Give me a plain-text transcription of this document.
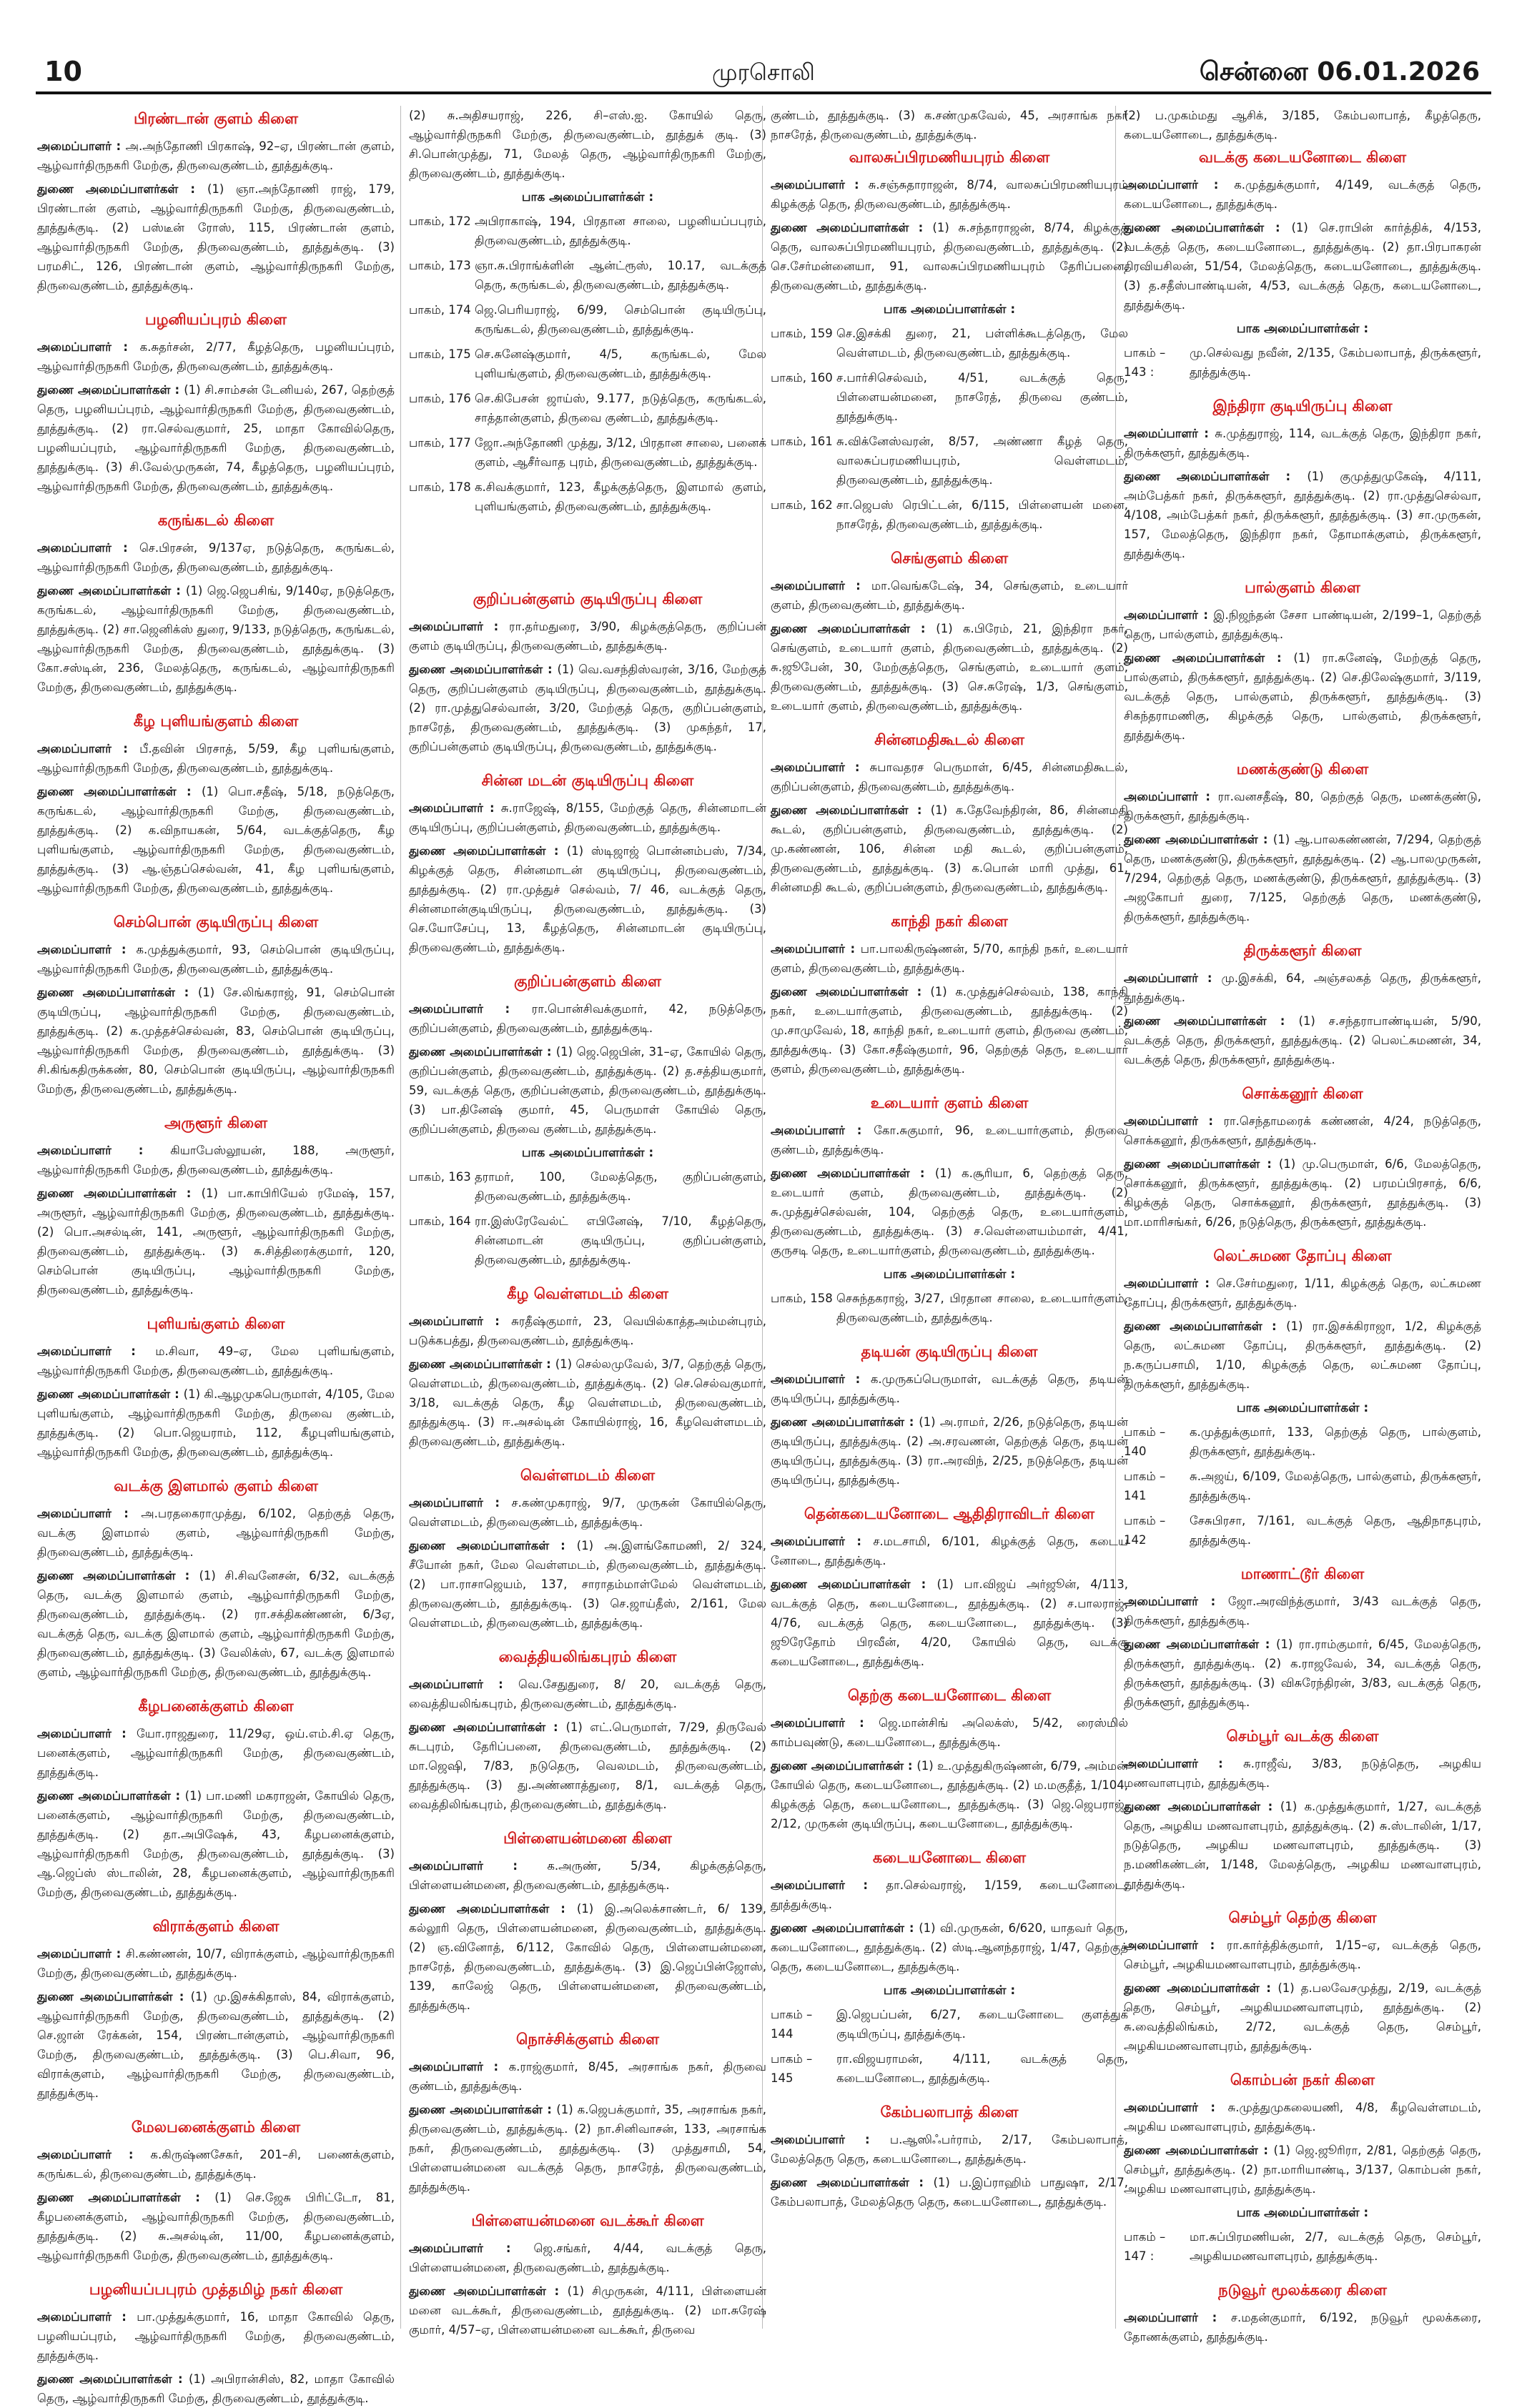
10	முரசொலி	சென்னை 06.01.2026
பிரண்டான் குளம் கிளை

அமைப்பாளர் : அ.அந்தோணி பிரகாஷ், 92–ஏ, பிரண்டான் குளம், ஆழ்வார்திருநகரி மேற்கு, திருவைகுண்டம், தூத்துக்குடி.

துணை அமைப்பாளர்கள் : (1) ஞா.அந்தோணி ராஜ், 179, பிரண்டான் குளம், ஆழ்வார்திருநகரி மேற்கு, திருவைகுண்டம், தூத்துக்குடி. (2) பஸ்டீன் ரோஸ், 115, பிரண்டான் குளம், ஆழ்வார்திருநகரி மேற்கு, திருவைகுண்டம், தூத்துக்குடி. (3) பரமசிட், 126, பிரண்டான் குளம், ஆழ்வார்திருநகரி மேற்கு, திருவைகுண்டம், தூத்துக்குடி.

பழனியப்புரம் கிளை

அமைப்பாளர் : க.சுதர்சன், 2/77, கீழத்தெரு, பழனியப்புரம், ஆழ்வார்திருநகரி மேற்கு, திருவைகுண்டம், தூத்துக்குடி.

துணை அமைப்பாளர்கள் : (1) சி.சாம்சன் டேனியல், 267, தெற்குத் தெரு, பழனியப்புரம், ஆழ்வார்திருநகரி மேற்கு, திருவைகுண்டம், தூத்துக்குடி. (2) ரா.செல்வகுமார், 25, மாதா கோவில்தெரு, பழனியப்புரம், ஆழ்வார்திருநகரி மேற்கு, திருவைகுண்டம், தூத்துக்குடி. (3) சி.வேல்முருகன், 74, கீழத்தெரு, பழனியப்புரம், ஆழ்வார்திருநகரி மேற்கு, திருவைகுண்டம், தூத்துக்குடி.

கருங்கடல் கிளை

அமைப்பாளர் : செ.பிரசன், 9/137ஏ, நடுத்தெரு, கருங்கடல், ஆழ்வார்திருநகரி மேற்கு, திருவைகுண்டம், தூத்துக்குடி.

துணை அமைப்பாளர்கள் : (1) ஜெ.ஜெபசிங், 9/140ஏ, நடுத்தெரு, கருங்கடல், ஆழ்வார்திருநகரி மேற்கு, திருவைகுண்டம், தூத்துக்குடி. (2) சா.ஜெனிக்ஸ் துரை, 9/133, நடுத்தெரு, கருங்கடல், ஆழ்வார்திருநகரி மேற்கு, திருவைகுண்டம், தூத்துக்குடி. (3) கோ.சஸ்டின், 236, மேலத்தெரு, கருங்கடல், ஆழ்வார்திருநகரி மேற்கு, திருவைகுண்டம், தூத்துக்குடி.

கீழ புளியங்குளம் கிளை

அமைப்பாளர் : பீ.தவின் பிரசாத், 5/59, கீழ புளியங்குளம், ஆழ்வார்திருநகரி மேற்கு, திருவைகுண்டம், தூத்துக்குடி.

துணை அமைப்பாளர்கள் : (1) பொ.சதீஷ், 5/18, நடுத்தெரு, கருங்கடல், ஆழ்வார்திருநகரி மேற்கு, திருவைகுண்டம், தூத்துக்குடி. (2) க.விநாயகன், 5/64, வடக்குத்தெரு, கீழ புளியங்குளம், ஆழ்வார்திருநகரி மேற்கு, திருவைகுண்டம், தூத்துக்குடி. (3) ஆ.ஞ்தப்செல்வன், 41, கீழ புளியங்குளம், ஆழ்வார்திருநகரி மேற்கு, திருவைகுண்டம், தூத்துக்குடி.

செம்பொன் குடியிருப்பு கிளை

அமைப்பாளர் : க.முத்துக்குமார், 93, செம்பொன் குடியிருப்பு, ஆழ்வார்திருநகரி மேற்கு, திருவைகுண்டம், தூத்துக்குடி.

துணை அமைப்பாளர்கள் : (1) சே.லிங்கராஜ், 91, செம்பொன் குடியிருப்பு, ஆழ்வார்திருநகரி மேற்கு, திருவைகுண்டம், தூத்துக்குடி. (2) க.முத்தச்செல்வன், 83, செம்பொன் குடியிருப்பு, ஆழ்வார்திருநகரி மேற்கு, திருவைகுண்டம், தூத்துக்குடி. (3) சி.கிங்கதிருக்கண், 80, செம்பொன் குடியிருப்பு, ஆழ்வார்திருநகரி மேற்கு, திருவைகுண்டம், தூத்துக்குடி.

அருளூர் கிளை

அமைப்பாளர் : கியாபேஸ்லூயன், 188, அருளூர், ஆழ்வார்திருநகரி மேற்கு, திருவைகுண்டம், தூத்துக்குடி.

துணை அமைப்பாளர்கள் : (1) பா.காபிரியேல் ரமேஷ், 157, அருளூர், ஆழ்வார்திருநகரி மேற்கு, திருவைகுண்டம், தூத்துக்குடி. (2) பொ.அசல்டின், 141, அருளூர், ஆழ்வார்திருநகரி மேற்கு, திருவைகுண்டம், தூத்துக்குடி. (3) சு.சித்திரைக்குமார், 120, செம்பொன் குடியிருப்பு, ஆழ்வார்திருநகரி மேற்கு, திருவைகுண்டம், தூத்துக்குடி.

புளியங்குளம் கிளை

அமைப்பாளர் : ம.சிவா, 49–ஏ, மேல புளியங்குளம், ஆழ்வார்திருநகரி மேற்கு, திருவைகுண்டம், தூத்துக்குடி.

துணை அமைப்பாளர்கள் : (1) கி.ஆழமுகபெருமாள், 4/105, மேல புளியங்குளம், ஆழ்வார்திருநகரி மேற்கு, திருவை குண்டம், தூத்துக்குடி. (2) பொ.ஜெயராம், 112, கீழபுளியங்குளம், ஆழ்வார்திருநகரி மேற்கு, திருவைகுண்டம், தூத்துக்குடி.

வடக்கு இளமால் குளம் கிளை

அமைப்பாளர் : அ.பரதகைராமுத்து, 6/102, தெற்குத் தெரு, வடக்கு இளமால் குளம், ஆழ்வார்திருநகரி மேற்கு, திருவைகுண்டம், தூத்துக்குடி.

துணை அமைப்பாளர்கள் : (1) சி.சிவனேசன், 6/32, வடக்குத் தெரு, வடக்கு இளமால் குளம், ஆழ்வார்திருநகரி மேற்கு, திருவைகுண்டம், தூத்துக்குடி. (2) ரா.சக்திகண்ணன், 6/3ஏ, வடக்குத் தெரு, வடக்கு இளமால் குளம், ஆழ்வார்திருநகரி மேற்கு, திருவைகுண்டம், தூத்துக்குடி. (3) வேலிக்ஸ், 67, வடக்கு இளமால் குளம், ஆழ்வார்திருநகரி மேற்கு, திருவைகுண்டம், தூத்துக்குடி.

கீழபனைக்குளம் கிளை

அமைப்பாளர் : யோ.ராஜதுரை, 11/29ஏ, ஒய்.எம்.சி.ஏ தெரு, பனைக்குளம், ஆழ்வார்திருநகரி மேற்கு, திருவைகுண்டம், தூத்துக்குடி.

துணை அமைப்பாளர்கள் : (1) பா.மணி மகராஜன், கோயில் தெரு, பனைக்குளம், ஆழ்வார்திருநகரி மேற்கு, திருவைகுண்டம், தூத்துக்குடி. (2) தா.அபிஷேக், 43, கீழபனைக்குளம், ஆழ்வார்திருநகரி மேற்கு, திருவைகுண்டம், தூத்துக்குடி. (3) ஆ.ஜெப்ஸ் ஸ்டாலின், 28, கீழபனைக்குளம், ஆழ்வார்திருநகரி மேற்கு, திருவைகுண்டம், தூத்துக்குடி.

விராக்குளம் கிளை

அமைப்பாளர் : சி.கண்ணன், 10/7, விராக்குளம், ஆழ்வார்திருநகரி மேற்கு, திருவைகுண்டம், தூத்துக்குடி.

துணை அமைப்பாளர்கள் : (1) மு.இசக்கிதாஸ், 84, விராக்குளம், ஆழ்வார்திருநகரி மேற்கு, திருவைகுண்டம், தூத்துக்குடி. (2) செ.ஜான் ரேக்கன், 154, பிரண்டான்குளம், ஆழ்வார்திருநகரி மேற்கு, திருவைகுண்டம், தூத்துக்குடி. (3) பெ.சிவா, 96, விராக்குளம், ஆழ்வார்திருநகரி மேற்கு, திருவைகுண்டம், தூத்துக்குடி.

மேலபனைக்குளம் கிளை

அமைப்பாளர் : க.கிருஷ்ணசேகர், 201–சி, பணைக்குளம், கருங்கடல், திருவைகுண்டம், தூத்துக்குடி.

துணை அமைப்பாளர்கள் : (1) செ.ஜேசு பிரிட்டோ, 81, கீழபனைக்குளம், ஆழ்வார்திருநகரி மேற்கு, திருவைகுண்டம், தூத்துக்குடி. (2) சு.அசல்டின், 11/00, கீழபனைக்குளம், ஆழ்வார்திருநகரி மேற்கு, திருவைகுண்டம், தூத்துக்குடி.

பழனியப்பபுரம் முத்தமிழ் நகர் கிளை

அமைப்பாளர் : பா.முத்துக்குமார், 16, மாதா கோவில் தெரு, பழனியப்புரம், ஆழ்வார்திருநகரி மேற்கு, திருவைகுண்டம், தூத்துக்குடி.

துணை அமைப்பாளர்கள் : (1) அபிரான்சிஸ், 82, மாதா கோவில் தெரு, ஆழ்வார்திருநகரி மேற்கு, திருவைகுண்டம், தூத்துக்குடி.

(2) சு.அதிசயராஜ், 226, சி–எஸ்.ஐ. கோயில் தெரு, ஆழ்வார்திருநகரி மேற்கு, திருவைகுண்டம், தூத்துக் குடி. (3) சி.பொன்முத்து, 71, மேலத் தெரு, ஆழ்வார்திருநகரி மேற்கு, திருவைகுண்டம், தூத்துக்குடி.

பாக அமைப்பாளர்கள் :
பாகம், 172 அபிராகாஷ், 194, பிரதான சாலை, பழனியப்பபுரம், திருவைகுண்டம், தூத்துக்குடி.
பாகம், 173 ஞா.சு.பிராங்க்ளின் ஆன்ட்ரூஸ், 10.17, வடக்குத் தெரு, கருங்கடல், திருவைகுண்டம், தூத்துக்குடி.
பாகம், 174 ஜெ.பெரியராஜ், 6/99, செம்பொன் குடியிருப்பு, கருங்கடல், திருவைகுண்டம், தூத்துக்குடி.
பாகம், 175 செ.சுனேஷ்குமார், 4/5, கருங்கடல், மேல புளியங்குளம், திருவைகுண்டம், தூத்துக்குடி.
பாகம், 176 செ.கிபேசன் ஜாய்ஸ், 9.177, நடுத்தெரு, கருங்கடல், சாத்தான்குளம், திருவை குண்டம், தூத்துக்குடி.
பாகம், 177 ஜோ.அந்தோணி முத்து, 3/12, பிரதான சாலை, பனைக் குளம், ஆசீர்வாத புரம், திருவைகுண்டம், தூத்துக்குடி.
பாகம், 178 க.சிவக்குமார், 123, கீழக்குத்தெரு, இளமால் குளம், புளியங்குளம், திருவைகுண்டம், தூத்துக்குடி.
குறிப்பன்குளம் குடியிருப்பு கிளை

அமைப்பாளர் : ரா.தர்மதுரை, 3/90, கிழக்குத்தெரு, குறிப்பன் குளம் குடியிருப்பு, திருவைகுண்டம், தூத்துக்குடி.

துணை அமைப்பாளர்கள் : (1) வெ.வசந்திஸ்வரன், 3/16, மேற்குத் தெரு, குறிப்பன்குளம் குடியிருப்பு, திருவைகுண்டம், தூத்துக்குடி. (2) ரா.முத்துசெல்வான், 3/20, மேற்குத் தெரு, குறிப்பன்குளம், நாசரேத், திருவைகுண்டம், தூத்துக்குடி. (3) முகந்தர், 17, குறிப்பன்குளம் குடியிருப்பு, திருவைகுண்டம், தூத்துக்குடி.

சின்ன மடன் குடியிருப்பு கிளை

அமைப்பாளர் : சு.ராஜேஷ், 8/155, மேற்குத் தெரு, சின்னமாடன் குடியிருப்பு, குறிப்பன்குளம், திருவைகுண்டம், தூத்துக்குடி.

துணை அமைப்பாளர்கள் : (1) ஸ்டிஜாஜ் பொன்னம்பஸ், 7/34, கிழக்குத் தெரு, சின்னமாடன் குடியிருப்பு, திருவைகுண்டம், தூத்துக்குடி. (2) ரா.முத்துச் செல்வம், 7/ 46, வடக்குத் தெரு, சின்னமான்குடியிருப்பு, திருவைகுண்டம், தூத்துக்குடி. (3) செ.யோசேப்பு, 13, கீழத்தெரு, சின்னமாடன் குடியிருப்பு, திருவைகுண்டம், தூத்துக்குடி.

குறிப்பன்குளம் கிளை

அமைப்பாளர் : ரா.பொன்சிவக்குமார், 42, நடுத்தெரு, குறிப்பன்குளம், திருவைகுண்டம், தூத்துக்குடி.

துணை அமைப்பாளர்கள் : (1) ஜெ.ஜெபின், 31–ஏ, கோயில் தெரு, குறிப்பன்குளம், திருவைகுண்டம், தூத்துக்குடி. (2) த.சத்தியகுமார், 59, வடக்குத் தெரு, குறிப்பன்குளம், திருவைகுண்டம், தூத்துக்குடி. (3) பா.தினேஷ் குமார், 45, பெருமாள் கோயில் தெரு, குறிப்பன்குளம், திருவை குண்டம், தூத்துக்குடி.

பாக அமைப்பாளர்கள் :
பாகம், 163 தராமர், 100, மேலத்தெரு, குறிப்பன்குளம், திருவைகுண்டம், தூத்துக்குடி.
பாகம், 164 ரா.இஸ்ரேவேல்ட் எபினேஷ், 7/10, கீழத்தெரு, சின்னமாடன் குடியிருப்பு, குறிப்பன்குளம், திருவைகுண்டம், தூத்துக்குடி.
கீழ வெள்ளமடம் கிளை

அமைப்பாளர் : சுரதீஷ்குமார், 23, வெயில்காத்தஅம்மன்புரம், படுக்கபத்து, திருவைகுண்டம், தூத்துக்குடி.

துணை அமைப்பாளர்கள் : (1) செல்லமுவேல், 3/7, தெற்குத் தெரு, வெள்ளமடம், திருவைகுண்டம், தூத்துக்குடி. (2) செ.செல்வகுமார், 3/18, வடக்குத் தெரு, கீழ வெள்ளமடம், திருவைகுண்டம், தூத்துக்குடி. (3) ஈ.அசல்டின் கோயில்ராஜ், 16, கீழவெள்ளமடம், திருவைகுண்டம், தூத்துக்குடி.

வெள்ளமடம் கிளை

அமைப்பாளர் : ச.கண்முகராஜ், 9/7, முருகன் கோயில்தெரு, வெள்ளமடம், திருவைகுண்டம், தூத்துக்குடி.

துணை அமைப்பாளர்கள் : (1) அ.இளங்கோமணி, 2/ 324, சீயோன் நகர், மேல வெள்ளமடம், திருவைகுண்டம், தூத்துக்குடி. (2) பா.ராசாஜெயம், 137, சாராதம்மாள்மேல் வெள்ளமடம், திருவைகுண்டம், தூத்துக்குடி. (3) செ.ஜாய்தீஸ், 2/161, மேல வெள்ளமடம், திருவைகுண்டம், தூத்துக்குடி.

வைத்தியலிங்கபுரம் கிளை

அமைப்பாளர் : வெ.சேதுதுரை, 8/ 20, வடக்குத் தெரு, வைத்தியலிங்கபுரம், திருவைகுண்டம், தூத்துக்குடி.

துணை அமைப்பாளர்கள் : (1) எட்.பெருமாள், 7/29, திருவேல் சுடபுரம், தேரிப்பனை, திருவைகுண்டம், தூத்துக்குடி. (2) மா.ஜெஷி, 7/83, நடுதெரு, வெலமடம், திருவைகுண்டம், தூத்துக்குடி. (3) து.அண்ணாத்துரை, 8/1, வடக்குத் தெரு, வைத்திலிங்கபுரம், திருவைகுண்டம், தூத்துக்குடி.

பிள்ளையன்மனை கிளை

அமைப்பாளர் : க.அருண், 5/34, கிழக்குத்தெரு, பிள்ளையன்மனை, திருவைகுண்டம், தூத்துக்குடி.

துணை அமைப்பாளர்கள் : (1) இ.அலெக்சாண்டர், 6/ 139, கல்லூரி தெரு, பிள்ளையன்மனை, திருவைகுண்டம், தூத்துக்குடி. (2) ஞ.வினோத், 6/112, கோவில் தெரு, பிள்ளையன்மனை, நாசரேத், திருவைகுண்டம், தூத்துக்குடி. (3) இ.ஜெப்பின்ஜோஸ், 139, காலேஜ் தெரு, பிள்ளையன்மனை, திருவைகுண்டம், தூத்துக்குடி.

நொச்சிக்குளம் கிளை

அமைப்பாளர் : க.ராஜ்குமார், 8/45, அரசாங்க நகர், திருவை குண்டம், தூத்துக்குடி.

துணை அமைப்பாளர்கள் : (1) க.ஜெபக்குமார், 35, அரசாங்க நகர், திருவைகுண்டம், தூத்துக்குடி. (2) நா.சினிவாசன், 133, அரசாங்க நகர், திருவைகுண்டம், தூத்துக்குடி. (3) முத்துசாமி, 54, பிள்ளையன்மனை வடக்குத் தெரு, நாசரேத், திருவைகுண்டம், தூத்துக்குடி.

பிள்ளையன்மனை வடக்கூர் கிளை

அமைப்பாளர் : ஜெ.சங்கர், 4/44, வடக்குத் தெரு, பிள்ளையன்மனை, திருவைகுண்டம், தூத்துக்குடி.

துணை அமைப்பாளர்கள் : (1) சிமுருகன், 4/111, பிள்ளையன் மனை வடக்கூர், திருவைகுண்டம், தூத்துக்குடி. (2) மா.சுரேஷ் குமார், 4/57–ஏ, பிள்ளையன்மனை வடக்கூர், திருவை

குண்டம், தூத்துக்குடி. (3) க.சண்முகவேல், 45, அரசாங்க நகர் நாசரேத், திருவைகுண்டம், தூத்துக்குடி.

வாலசுப்பிரமணியபுரம் கிளை

அமைப்பாளர் : சு.சஞ்சுதாராஜன், 8/74, வாலசுப்பிரமணியபுரம் கிழக்குத் தெரு, திருவைகுண்டம், தூத்துக்குடி.

துணை அமைப்பாளர்கள் : (1) சு.சந்தாராஜன், 8/74, கிழக்குத் தெரு, வாலசுப்பிரமணியபுரம், திருவைகுண்டம், தூத்துக்குடி. (2) செ.சேர்மன்னையா, 91, வாலசுப்பிரமணியபுரம் தேரிப்பனை, திருவைகுண்டம், தூத்துக்குடி.

பாக அமைப்பாளர்கள் :
பாகம், 159 செ.இசக்கி துரை, 21, பள்ளிக்கூடத்தெரு, மேல வெள்ளமடம், திருவைகுண்டம், தூத்துக்குடி.
பாகம், 160 ச.பார்சிசெல்வம், 4/51, வடக்குத் தெரு, பிள்ளையன்மனை, நாசரேத், திருவை குண்டம், தூத்துக்குடி.
பாகம், 161 சு.விக்னேஸ்வரன், 8/57, அண்ணா கீழத் தெரு, வாலசுப்பரமணியபுரம், வெள்ளமடம், திருவைகுண்டம், தூத்துக்குடி.
பாகம், 162 சா.ஜெபஸ் ரெபிட்டன், 6/115, பிள்ளையன் மனை, நாசரேத், திருவைகுண்டம், தூத்துக்குடி.
செங்குளம் கிளை

அமைப்பாளர் : மா.வெங்கடேஷ், 34, செங்குளம், உடையார் குளம், திருவைகுண்டம், தூத்துக்குடி.

துணை அமைப்பாளர்கள் : (1) க.பிரேம், 21, இந்திரா நகர், செங்குளம், உடையார் குளம், திருவைகுண்டம், தூத்துக்குடி. (2) சு.ஜூபேன், 30, மேற்குத்தெரு, செங்குளம், உடையார் குளம், திருவைகுண்டம், தூத்துக்குடி. (3) செ.சுரேஷ், 1/3, செங்குளம், உடையார் குளம், திருவைகுண்டம், தூத்துக்குடி.

சின்னமதிகூடல் கிளை

அமைப்பாளர் : சுபாவதரச பெருமாள், 6/45, சின்னமதிகூடல், குறிப்பன்குளம், திருவைகுண்டம், தூத்துக்குடி.

துணை அமைப்பாளர்கள் : (1) க.தேவேந்திரன், 86, சின்னமதி கூடல், குறிப்பன்குளம், திருவைகுண்டம், தூத்துக்குடி. (2) மு.கண்ணன், 106, சின்ன மதி கூடல், குறிப்பன்குளம், திருவைகுண்டம், தூத்துக்குடி. (3) க.பொன் மாரி முத்து, 61, சின்னமதி கூடல், குறிப்பன்குளம், திருவைகுண்டம், தூத்துக்குடி.

காந்தி நகர் கிளை

அமைப்பாளர் : பா.பாலகிருஷ்ணன், 5/70, காந்தி நகர், உடையார் குளம், திருவைகுண்டம், தூத்துக்குடி.

துணை அமைப்பாளர்கள் : (1) க.முத்துச்செல்வம், 138, காந்தி நகர், உடையார்குளம், திருவைகுண்டம், தூத்துக்குடி. (2) மு.சாமுவேல், 18, காந்தி நகர், உடையார் குளம், திருவை குண்டம், தூத்துக்குடி. (3) கோ.சதீஷ்குமார், 96, தெற்குத் தெரு, உடையார் குளம், திருவைகுண்டம், தூத்துக்குடி.

உடையார் குளம் கிளை

அமைப்பாளர் : கோ.சுகுமார், 96, உடையார்குளம், திருவை குண்டம், தூத்துக்குடி.

துணை அமைப்பாளர்கள் : (1) க.சூரியா, 6, தெற்குத் தெரு, உடையார் குளம், திருவைகுண்டம், தூத்துக்குடி. (2) சு.முத்துச்செல்வன், 104, தெற்குத் தெரு, உடையார்குளம், திருவைகுண்டம், தூத்துக்குடி. (3) ச.வெள்ளையம்மாள், 4/41, குருசடி தெரு, உடையார்குளம், திருவைகுண்டம், தூத்துக்குடி.

பாக அமைப்பாளர்கள் :
பாகம், 158 செசுந்தகராஜ், 3/27, பிரதான சாலை, உடையார்குளம், திருவைகுண்டம், தூத்துக்குடி.
தடியன் குடியிருப்பு கிளை

அமைப்பாளர் : க.முருகப்பெருமாள், வடக்குத் தெரு, தடியன் குடியிருப்பு, தூத்துக்குடி.

துணை அமைப்பாளர்கள் : (1) அ.ராமர், 2/26, நடுத்தெரு, தடியன் குடியிருப்பு, தூத்துக்குடி. (2) அ.சரவணன், தெற்குத் தெரு, தடியன் குடியிருப்பு, தூத்துக்குடி. (3) ரா.அரவிந், 2/25, நடுத்தெரு, தடியன் குடியிருப்பு, தூத்துக்குடி.

தென்கடையனோடை ஆதிதிராவிடர் கிளை

அமைப்பாளர் : ச.மடசாமி, 6/101, கிழக்குத் தெரு, கடைய னோடை, தூத்துக்குடி.

துணை அமைப்பாளர்கள் : (1) பா.விஜய் அர்ஜூன், 4/113, வடக்குத் தெரு, கடையனோடை, தூத்துக்குடி. (2) ச.பாலராஜ், 4/76, வடக்குத் தெரு, கடையனோடை, தூத்துக்குடி. (3) ஜூரேதோம் பிரவீன், 4/20, கோயில் தெரு, வடக்கு கடையனோடை, தூத்துக்குடி.

தெற்கு கடையனோடை கிளை

அமைப்பாளர் : ஜெ.மான்சிங் அலெக்ஸ், 5/42, ரைஸ்மில் காம்பவுண்டு, கடையனோடை, தூத்துக்குடி.

துணை அமைப்பாளர்கள் : (1) உ.முத்துகிருஷ்ணன், 6/79, அம்மன் கோயில் தெரு, கடையனோடை, தூத்துக்குடி. (2) ம.மகுதீத், 1/104, கிழக்குத் தெரு, கடையனோடை, தூத்துக்குடி. (3) ஜெ.ஜெபராஜ், 2/12, முருகன் குடியிருப்பு, கடையனோடை, தூத்துக்குடி.

கடையனோடை கிளை

அமைப்பாளர் : தா.செல்வராஜ், 1/159, கடையனோடை, தூத்துக்குடி.

துணை அமைப்பாளர்கள் : (1) வி.முருகன், 6/620, யாதவர் தெரு, கடையனோடை, தூத்துக்குடி. (2) ஸ்டி.ஆனந்தராஜ், 1/47, தெற்குத் தெரு, கடையனோடை, தூத்துக்குடி.

பாக அமைப்பாளர்கள் :
பாகம் – 144
இ.ஜெபப்பன், 6/27, கடையனோடை குளத்துக் குடியிருப்பு, தூத்துக்குடி.
பாகம் – 145
ரா.விஜயராமன், 4/111, வடக்குத் தெரு, கடையனோடை, தூத்துக்குடி.
கேம்பலாபாத் கிளை

அமைப்பாளர் : ப.ஆஸிஃபர்ராம், 2/17, கேம்பலாபாத், மேலத்தெரு தெரு, கடையனோடை, தூத்துக்குடி.

துணை அமைப்பாளர்கள் : (1) ப.இப்ராஹிம் பாதுஷா, 2/17, கேம்பலாபாத், மேலத்தெரு தெரு, கடையனோடை, தூத்துக்குடி.

(2) ப.முகம்மது ஆசிக், 3/185, கேம்பலாபாத், கீழத்தெரு, கடையனோடை, தூத்துக்குடி.

வடக்கு கடையனோடை கிளை

அமைப்பாளர் : க.முத்துக்குமார், 4/149, வடக்குத் தெரு, கடையனோடை, தூத்துக்குடி.

துணை அமைப்பாளர்கள் : (1) செ.ராபின் கார்த்திக், 4/153, வடக்குத் தெரு, கடையனோடை, தூத்துக்குடி. (2) தா.பிரபாகரன் திரவியசிலன், 51/54, மேலத்தெரு, கடையனோடை, தூத்துக்குடி. (3) த.சதீஸ்பாண்டியன், 4/53, வடக்குத் தெரு, கடையனோடை, தூத்துக்குடி.

பாக அமைப்பாளர்கள் :
பாகம் – 143 :
மு.செல்வது நவீன், 2/135, கேம்பலாபாத், திருக்களூர், தூத்துக்குடி.
இந்திரா குடியிருப்பு கிளை

அமைப்பாளர் : சு.முத்துராஜ், 114, வடக்குத் தெரு, இந்திரா நகர், திருக்களூர், தூத்துக்குடி.

துணை அமைப்பாளர்கள் : (1) குமுத்துமுகேஷ், 4/111, அம்பேத்கர் நகர், திருக்களூர், தூத்துக்குடி. (2) ரா.முத்துசெல்வா, 4/108, அம்பேத்கர் நகர், திருக்களூர், தூத்துக்குடி. (3) சா.முருகன், 157, மேலத்தெரு, இந்திரா நகர், தோமாக்குளம், திருக்களூர், தூத்துக்குடி.

பால்குளம் கிளை

அமைப்பாளர் : இ.நிஜந்தன் சேசா பாண்டியன், 2/199–1, தெற்குத் தெரு, பால்குளம், தூத்துக்குடி.

துணை அமைப்பாளர்கள் : (1) ரா.சுனேஷ், மேற்குத் தெரு, பால்குளம், திருக்களூர், தூத்துக்குடி. (2) செ.திலேஷ்குமார், 3/119, வடக்குத் தெரு, பால்குளம், திருக்களூர், தூத்துக்குடி. (3) சிகந்தராமணிகு, கிழக்குத் தெரு, பால்குளம், திருக்களூர், தூத்துக்குடி.

மணக்குண்டு கிளை

அமைப்பாளர் : ரா.வனசதீஷ், 80, தெற்குத் தெரு, மணக்குண்டு, திருக்களூர், தூத்துக்குடி.

துணை அமைப்பாளர்கள் : (1) ஆ.பாலகண்ணன், 7/294, தெற்குத் தெரு, மணக்குண்டு, திருக்களூர், தூத்துக்குடி. (2) ஆ.பாலமுருகன், 7/294, தெற்குத் தெரு, மணக்குண்டு, திருக்களூர், தூத்துக்குடி. (3) அஜகோபா் துரை, 7/125, தெற்குத் தெரு, மணக்குண்டு, திருக்களூர், தூத்துக்குடி.

திருக்களூர் கிளை

அமைப்பாளர் : மு.இசக்கி, 64, அஞ்சலகத் தெரு, திருக்களூர், தூத்துக்குடி.

துணை அமைப்பாளர்கள் : (1) ச.சந்தராபாண்டியன், 5/90, வடக்குத் தெரு, திருக்களூர், தூத்துக்குடி. (2) பெலட்சுமணன், 34, வடக்குத் தெரு, திருக்களூர், தூத்துக்குடி.

சொக்கனூர் கிளை

அமைப்பாளர் : ரா.செந்தாமரைக் கண்ணன், 4/24, நடுத்தெரு, சொக்கனூர், திருக்களூர், தூத்துக்குடி.

துணை அமைப்பாளர்கள் : (1) மு.பெருமாள், 6/6, மேலத்தெரு, சொக்கனூர், திருக்களூர், தூத்துக்குடி. (2) பரமப்பிரசாத், 6/6, கிழக்குத் தெரு, சொக்கனூர், திருக்களூர், தூத்துக்குடி. (3) மா.மாரிசங்கர், 6/26, நடுத்தெரு, திருக்களூர், தூத்துக்குடி.

லெட்சுமண தோப்பு கிளை

அமைப்பாளர் : செ.சேர்மதுரை, 1/11, கிழக்குத் தெரு, லட்சுமண தோப்பு, திருக்களூர், தூத்துக்குடி.

துணை அமைப்பாளர்கள் : (1) ரா.இசக்கிராஜா, 1/2, கிழக்குத் தெரு, லட்சுமண தோப்பு, திருக்களூர், தூத்துக்குடி. (2) ந.கருப்பசாமி, 1/10, கிழக்குத் தெரு, லட்சுமண தோப்பு, திருக்களூர், தூத்துக்குடி.

பாக அமைப்பாளர்கள் :
பாகம் – 140
க.முத்துக்குமார், 133, தெற்குத் தெரு, பால்குளம், திருக்களூர், தூத்துக்குடி.
பாகம் – 141
சு.அஜய், 6/109, மேலத்தெரு, பால்குளம், திருக்களூர், தூத்துக்குடி.
பாகம் – 142
சேசுபிரசா, 7/161, வடக்குத் தெரு, ஆதிநாதபுரம், தூத்துக்குடி.
மாணாட்டூர் கிளை

அமைப்பாளர் : ஜோ.அரவிந்த்குமார், 3/43 வடக்குத் தெரு, திருக்களூர், தூத்துக்குடி.

துணை அமைப்பாளர்கள் : (1) ரா.ராம்குமார், 6/45, மேலத்தெரு, திருக்களூர், தூத்துக்குடி. (2) க.ராஜவேல், 34, வடக்குத் தெரு, திருக்களூர், தூத்துக்குடி. (3) விசுரேந்திரன், 3/83, வடக்குத் தெரு, திருக்களூர், தூத்துக்குடி.

செம்பூர் வடக்கு கிளை

அமைப்பாளர் : சு.ராஜீவ், 3/83, நடுத்தெரு, அழகிய மணவாளபுரம், தூத்துக்குடி.

துணை அமைப்பாளர்கள் : (1) க.முத்துக்குமார், 1/27, வடக்குத் தெரு, அழகிய மணவாளபுரம், தூத்துக்குடி. (2) சு.ஸ்டாலின், 1/17, நடுத்தெரு, அழகிய மணவாளபுரம், தூத்துக்குடி. (3) ந.மணிகண்டன், 1/148, மேலத்தெரு, அழகிய மணவாளபுரம், தூத்துக்குடி.

செம்பூர் தெற்கு கிளை

அமைப்பாளர் : ரா.கார்த்திக்குமார், 1/15–ஏ, வடக்குத் தெரு, செம்பூர், அழகியமணவாளபுரம், தூத்துக்குடி.

துணை அமைப்பாளர்கள் : (1) த.பலவேசமுத்து, 2/19, வடக்குத் தெரு, செம்பூர், அழகியமணவாளபுரம், தூத்துக்குடி. (2) சு.வைத்திலிங்கம், 2/72, வடக்குத் தெரு, செம்பூர், அழகியமணவாளபுரம், தூத்துக்குடி.

கொம்பன் நகர் கிளை

அமைப்பாளர் : சு.முத்துமுகலையணி, 4/8, கீழவெள்ளமடம், அழகிய மணவாளபுரம், தூத்துக்குடி.

துணை அமைப்பாளர்கள் : (1) ஜெ.ஜூரிரா, 2/81, தெற்குத் தெரு, செம்பூர், தூத்துக்குடி. (2) நா.மாரியாண்டி, 3/137, கொம்பன் நகர், அழகிய மணவாளபுரம், தூத்துக்குடி.

பாக அமைப்பாளர்கள் :
பாகம் – 147 :
மா.சுப்பிரமணியன், 2/7, வடக்குத் தெரு, செம்பூர், அழகியமணவாளபுரம், தூத்துக்குடி.
நடுவூர் மூலக்கரை கிளை

அமைப்பாளர் : ச.மதன்குமார், 6/192, நடுவூர் மூலக்கரை, தோணக்குளம், தூத்துக்குடி.
